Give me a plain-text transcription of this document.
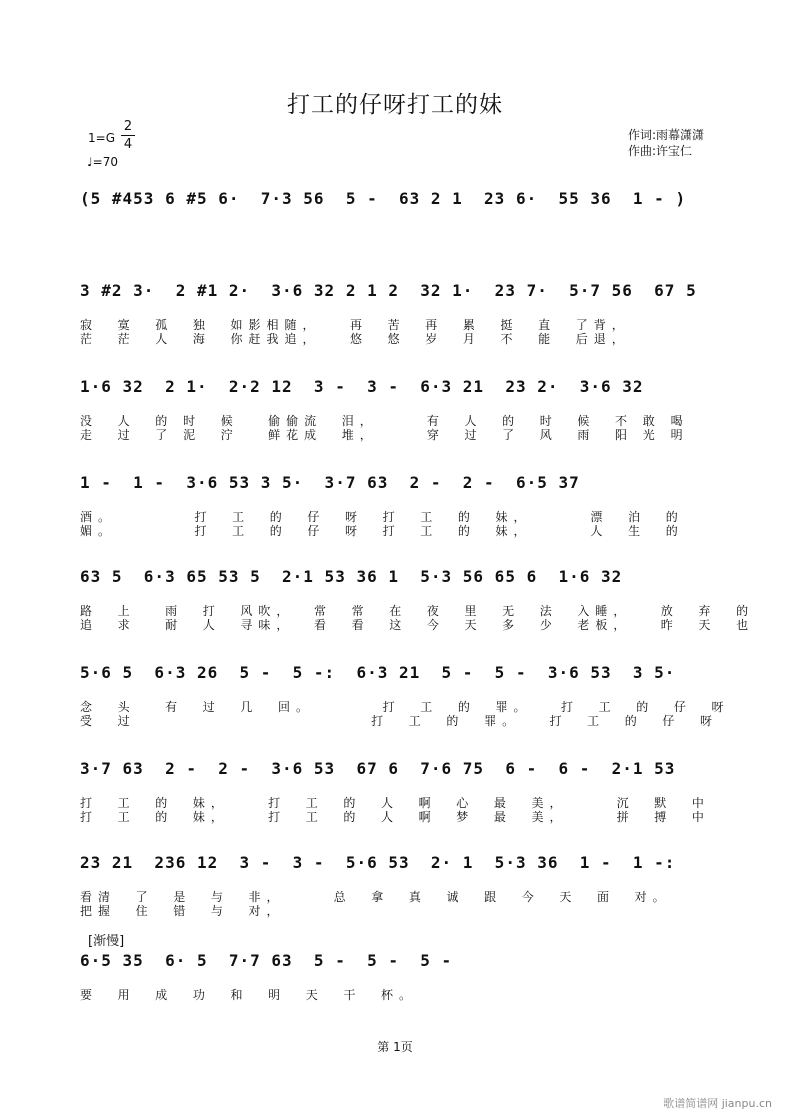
打工的仔呀打工的妹
1=G
2
4
♩=70
作词:雨幕潇潇
作曲:许宝仁
(5 #453 6 #5 6·  7·3 56  5 -  63 2 1  23 6·  55 36  1 - )
3 #2 3·  2 #1 2·  3·6 32 2 1 2  32 1·  23 7·  5·7 56  67 5
寂  寞  孤  独  如影相随，   再  苦  再  累  挺  直  了背，
茫  茫  人  海  你赶我追，   悠  悠  岁  月  不  能  后退，
1·6 32  2 1·  2·2 12  3 -  3 -  6·3 21  23 2·  3·6 32
没  人  的 时  候   偷偷流  泪，     有  人  的  时  候  不 敢 喝
走  过  了 泥  泞   鲜花成  堆，     穿  过  了  风  雨  阳 光 明
1 -  1 -  3·6 53 3 5·  3·7 63  2 -  2 -  6·5 37
酒。        打  工  的  仔  呀  打  工  的  妹，      漂  泊  的
媚。        打  工  的  仔  呀  打  工  的  妹，      人  生  的
63 5  6·3 65 53 5  2·1 53 36 1  5·3 56 65 6  1·6 32
路  上   雨  打  风吹，  常  常  在  夜  里  无  法  入睡，   放  弃  的
追  求   耐  人  寻味，  看  看  这  今  天  多  少  老板，   昨  天  也
5·6 5  6·3 26  5 -  5 -:  6·3 21  5 -  5 -  3·6 53  3 5·
念  头   有  过  几  回。       打  工  的  罪。   打  工  的  仔  呀
受  过                        打  工  的  罪。   打  工  的  仔  呀
3·7 63  2 -  2 -  3·6 53  67 6  7·6 75  6 -  6 -  2·1 53
打  工  的  妹，    打  工  的  人  啊  心  最  美，     沉  默  中
打  工  的  妹，    打  工  的  人  啊  梦  最  美，     拼  搏  中
23 21  236 12  3 -  3 -  5·6 53  2· 1  5·3 36  1 -  1 -:
看清  了  是  与  非，     总  拿  真  诚  跟  今  天  面  对。
把握  住  错  与  对，
6·5 35  6· 5  7·7 63  5 -  5 -  5 -
要  用  成  功  和  明  天  干  杯。
[渐慢]
第 1页
歌谱简谱网 jianpu.cn
